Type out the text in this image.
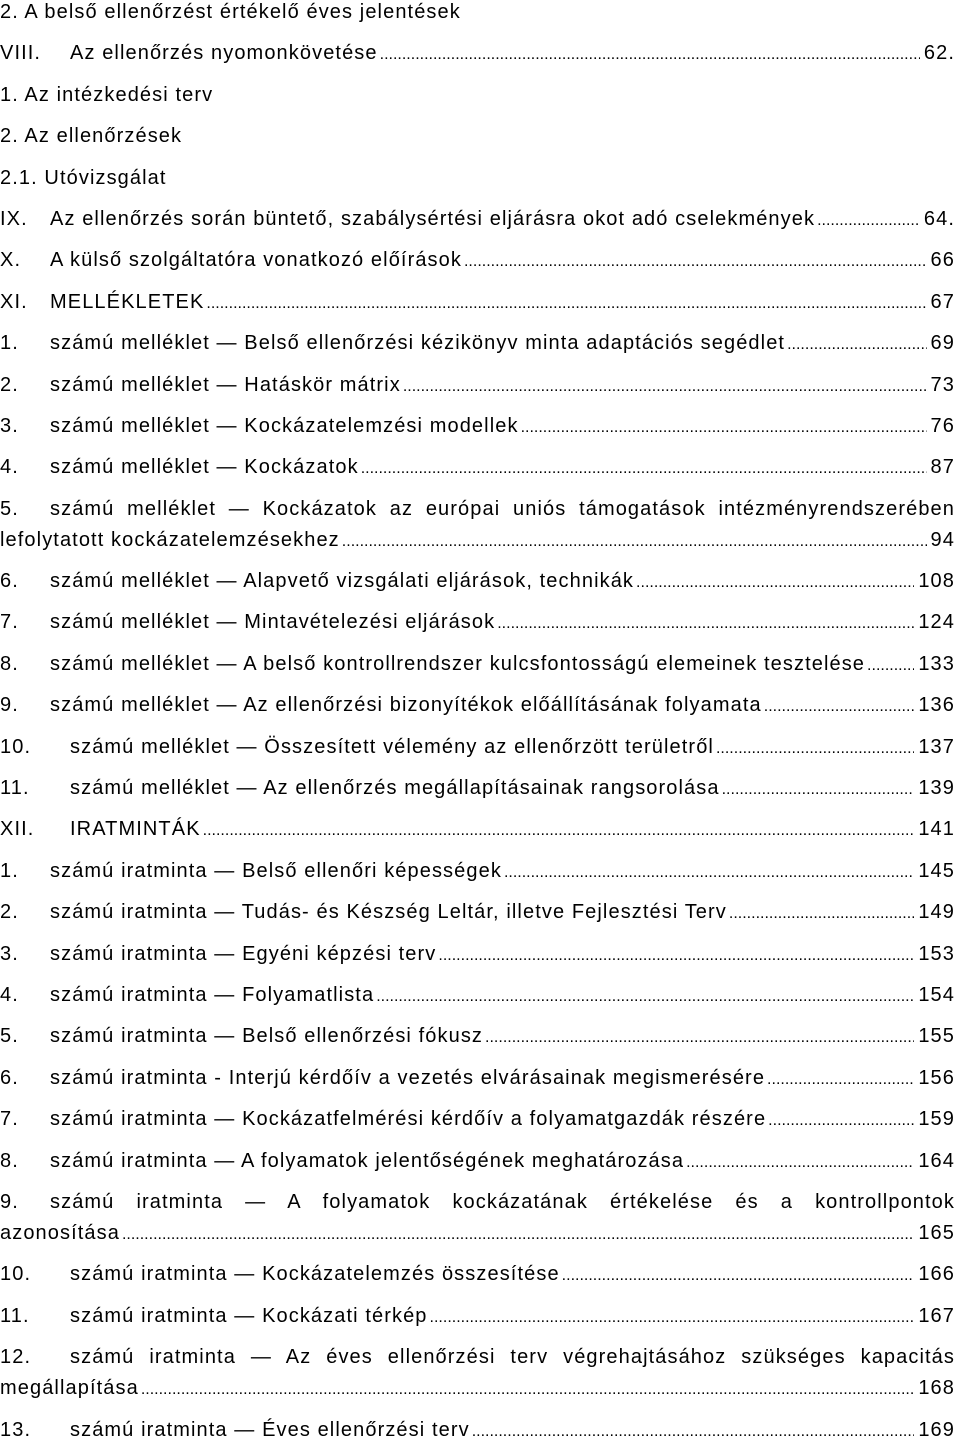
2. A belső ellenőrzést értékelő éves jelentések
VIII.	Az ellenőrzés nyomonkövetése .....	62.
1. Az intézkedési terv
2. Az ellenőrzések
2.1. Utóvizsgálat
IX.	Az ellenőrzés során büntető, szabálysértési eljárásra okot adó cselekmények .....	64.
X.	A külső szolgáltatóra vonatkozó előírások .....	66
XI.	MELLÉKLETEK .....	67
1.	számú melléklet — Belső ellenőrzési kézikönyv minta adaptációs segédlet .....	69
2.	számú melléklet — Hatáskör mátrix .....	73
3.	számú melléklet — Kockázatelemzési modellek .....	76
4.	számú melléklet — Kockázatok .....	87
5.	számú melléklet — Kockázatok az európai uniós támogatások intézményrendszerében
lefolytatott kockázatelemzésekhez .....	94
6.	számú melléklet — Alapvető vizsgálati eljárások, technikák .....	108
7.	számú melléklet — Mintavételezési eljárások .....	124
8.	számú melléklet — A belső kontrollrendszer kulcsfontosságú elemeinek tesztelése .....	133
9.	számú melléklet — Az ellenőrzési bizonyítékok előállításának folyamata .....	136
10.	számú melléklet — Összesített vélemény az ellenőrzött területről .....	137
11.	számú melléklet — Az ellenőrzés megállapításainak rangsorolása .....	139
XII.	IRATMINTÁK .....	141
1.	számú iratminta — Belső ellenőri képességek .....	145
2.	számú iratminta — Tudás- és Készség Leltár, illetve Fejlesztési Terv .....	149
3.	számú iratminta — Egyéni képzési terv .....	153
4.	számú iratminta — Folyamatlista .....	154
5.	számú iratminta — Belső ellenőrzési fókusz .....	155
6.	számú iratminta - Interjú kérdőív a vezetés elvárásainak megismerésére .....	156
7.	számú iratminta — Kockázatfelmérési kérdőív a folyamatgazdák részére .....	159
8.	számú iratminta — A folyamatok jelentőségének meghatározása .....	164
9.	számú iratminta — A folyamatok kockázatának értékelése és a kontrollpontok
azonosítása .....	165
10.	számú iratminta — Kockázatelemzés összesítése .....	166
11.	számú iratminta — Kockázati térkép .....	167
12.	számú iratminta — Az éves ellenőrzési terv végrehajtásához szükséges kapacitás
megállapítása .....	168
13.	számú iratminta — Éves ellenőrzési terv .....	169
